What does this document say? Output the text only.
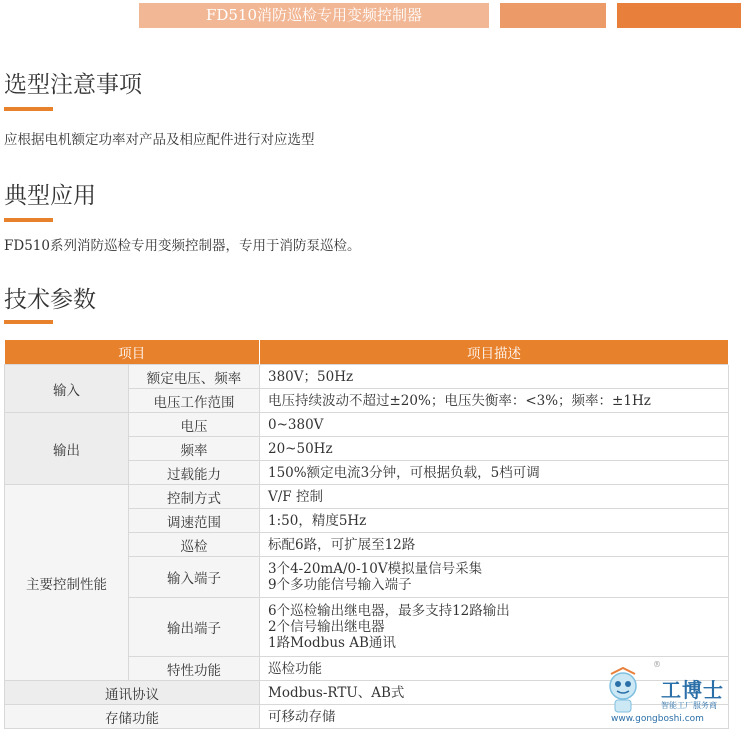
FD510消防巡检专用变频控制器
选型注意事项

应根据电机额定功率对产品及相应配件进行对应选型

典型应用

FD510系列消防巡检专用变频控制器，专用于消防泵巡检。

技术参数
项目		项目描述
输入	额定电压、频率	380V；50Hz
	电压工作范围	电压持续波动不超过±20%；电压失衡率：<3%；频率：±1Hz
输出	电压	0~380V
	频率	20~50Hz
	过载能力	150%额定电流3分钟，可根据负载，5档可调
主要控制性能	控制方式	V/F 控制
	调速范围	1:50，精度5Hz
	巡检	标配6路，可扩展至12路
	输入端子	3个4-20mA/0-10V模拟量信号采集
9个多功能信号输入端子

	输出端子	6个巡检输出继电器，最多支持12路输出
2个信号输出继电器
1路Modbus AB通讯

	特性功能	巡检功能
通讯协议		Modbus-RTU、AB式
存储功能		可移动存储
工博士
®
智能工厂服务商
www.gongboshi.com
